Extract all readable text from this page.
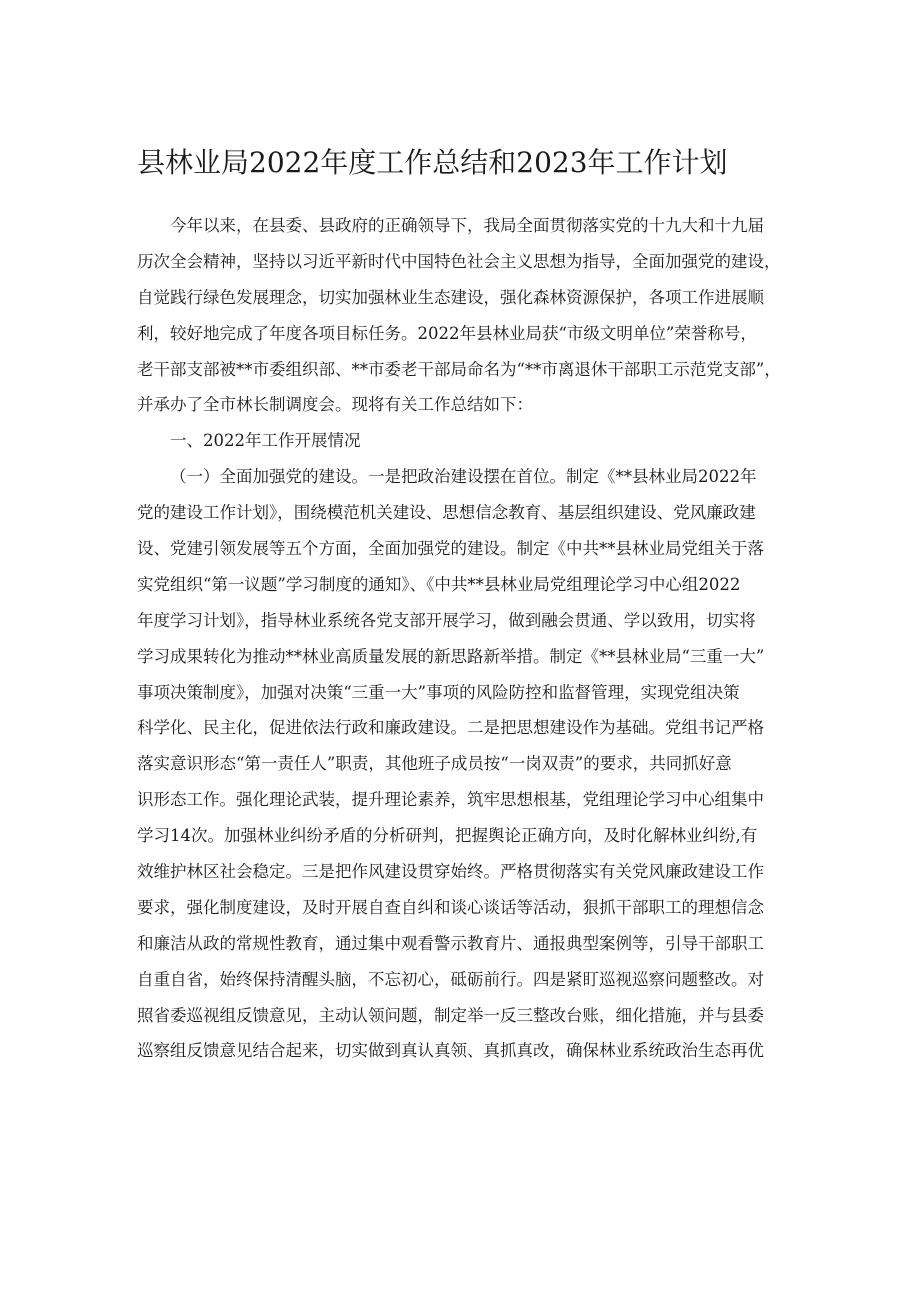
县林业局2022年度工作总结和2023年工作计划
今年以来，在县委、县政府的正确领导下，我局全面贯彻落实党的十九大和十九届
历次全会精神，坚持以习近平新时代中国特色社会主义思想为指导，全面加强党的建设，
自觉践行绿色发展理念，切实加强林业生态建设，强化森林资源保护，各项工作进展顺
利，较好地完成了年度各项目标任务。2022年县林业局获“市级文明单位”荣誉称号，
老干部支部被**市委组织部、**市委老干部局命名为“**市离退休干部职工示范党支部”，
并承办了全市林长制调度会。现将有关工作总结如下：
一、2022年工作开展情况
（一）全面加强党的建设。一是把政治建设摆在首位。制定《**县林业局2022年
党的建设工作计划》，围绕模范机关建设、思想信念教育、基层组织建设、党风廉政建
设、党建引领发展等五个方面，全面加强党的建设。制定《中共**县林业局党组关于落
实党组织“第一议题”学习制度的通知》、《中共**县林业局党组理论学习中心组2022
年度学习计划》，指导林业系统各党支部开展学习，做到融会贯通、学以致用，切实将
学习成果转化为推动**林业高质量发展的新思路新举措。制定《**县林业局“三重一大”
事项决策制度》，加强对决策“三重一大”事项的风险防控和监督管理，实现党组决策
科学化、民主化，促进依法行政和廉政建设。二是把思想建设作为基础。党组书记严格
落实意识形态“第一责任人”职责，其他班子成员按“一岗双责”的要求，共同抓好意
识形态工作。强化理论武装，提升理论素养，筑牢思想根基，党组理论学习中心组集中
学习14次。加强林业纠纷矛盾的分析研判，把握舆论正确方向，及时化解林业纠纷,有
效维护林区社会稳定。三是把作风建设贯穿始终。严格贯彻落实有关党风廉政建设工作
要求，强化制度建设，及时开展自查自纠和谈心谈话等活动，狠抓干部职工的理想信念
和廉洁从政的常规性教育，通过集中观看警示教育片、通报典型案例等，引导干部职工
自重自省，始终保持清醒头脑，不忘初心，砥砺前行。四是紧盯巡视巡察问题整改。对
照省委巡视组反馈意见，主动认领问题，制定举一反三整改台账，细化措施，并与县委
巡察组反馈意见结合起来，切实做到真认真领、真抓真改，确保林业系统政治生态再优
